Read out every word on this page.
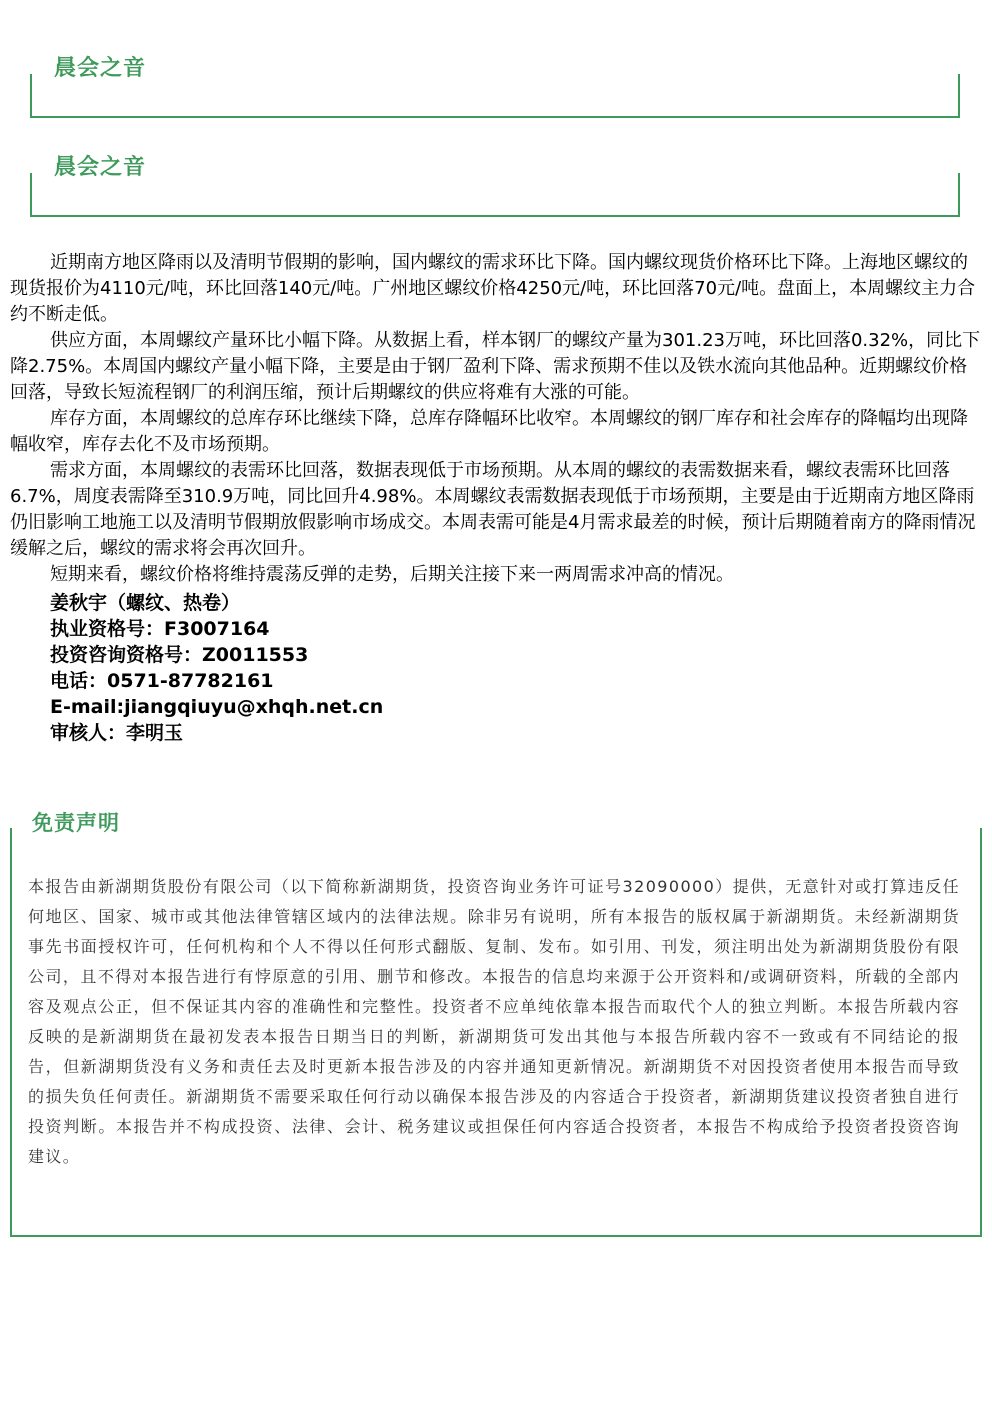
晨会之音
晨会之音

近期南方地区降雨以及清明节假期的影响，国内螺纹的需求环比下降。国内螺纹现货价格环比下降。上海地区螺纹的现货报价为4110元/吨，环比回落140元/吨。广州地区螺纹价格4250元/吨，环比回落70元/吨。盘面上，本周螺纹主力合约不断走低。

供应方面，本周螺纹产量环比小幅下降。从数据上看，样本钢厂的螺纹产量为301.23万吨，环比回落0.32%，同比下降2.75%。本周国内螺纹产量小幅下降，主要是由于钢厂盈利下降、需求预期不佳以及铁水流向其他品种。近期螺纹价格回落，导致长短流程钢厂的利润压缩，预计后期螺纹的供应将难有大涨的可能。

库存方面，本周螺纹的总库存环比继续下降，总库存降幅环比收窄。本周螺纹的钢厂库存和社会库存的降幅均出现降幅收窄，库存去化不及市场预期。

需求方面，本周螺纹的表需环比回落，数据表现低于市场预期。从本周的螺纹的表需数据来看，螺纹表需环比回落6.7%，周度表需降至310.9万吨，同比回升4.98%。本周螺纹表需数据表现低于市场预期，主要是由于近期南方地区降雨仍旧影响工地施工以及清明节假期放假影响市场成交。本周表需可能是4月需求最差的时候，预计后期随着南方的降雨情况缓解之后，螺纹的需求将会再次回升。

短期来看，螺纹价格将维持震荡反弹的走势，后期关注接下来一两周需求冲高的情况。

姜秋宇（螺纹、热卷）
执业资格号：F3007164
投资咨询资格号：Z0011553
电话：0571-87782161
E-mail:jiangqiuyu@xhqh.net.cn
审核人：李明玉
免责声明
本报告由新湖期货股份有限公司（以下简称新湖期货，投资咨询业务许可证号32090000）提供，无意针对或打算违反任何地区、国家、城市或其他法律管辖区域内的法律法规。除非另有说明，所有本报告的版权属于新湖期货。未经新湖期货事先书面授权许可，任何机构和个人不得以任何形式翻版、复制、发布。如引用、刊发，须注明出处为新湖期货股份有限公司，且不得对本报告进行有悖原意的引用、删节和修改。本报告的信息均来源于公开资料和/或调研资料，所载的全部内容及观点公正，但不保证其内容的准确性和完整性。投资者不应单纯依靠本报告而取代个人的独立判断。本报告所载内容反映的是新湖期货在最初发表本报告日期当日的判断，新湖期货可发出其他与本报告所载内容不一致或有不同结论的报告，但新湖期货没有义务和责任去及时更新本报告涉及的内容并通知更新情况。新湖期货不对因投资者使用本报告而导致的损失负任何责任。新湖期货不需要采取任何行动以确保本报告涉及的内容适合于投资者，新湖期货建议投资者独自进行投资判断。本报告并不构成投资、法律、会计、税务建议或担保任何内容适合投资者，本报告不构成给予投资者投资咨询建议。
